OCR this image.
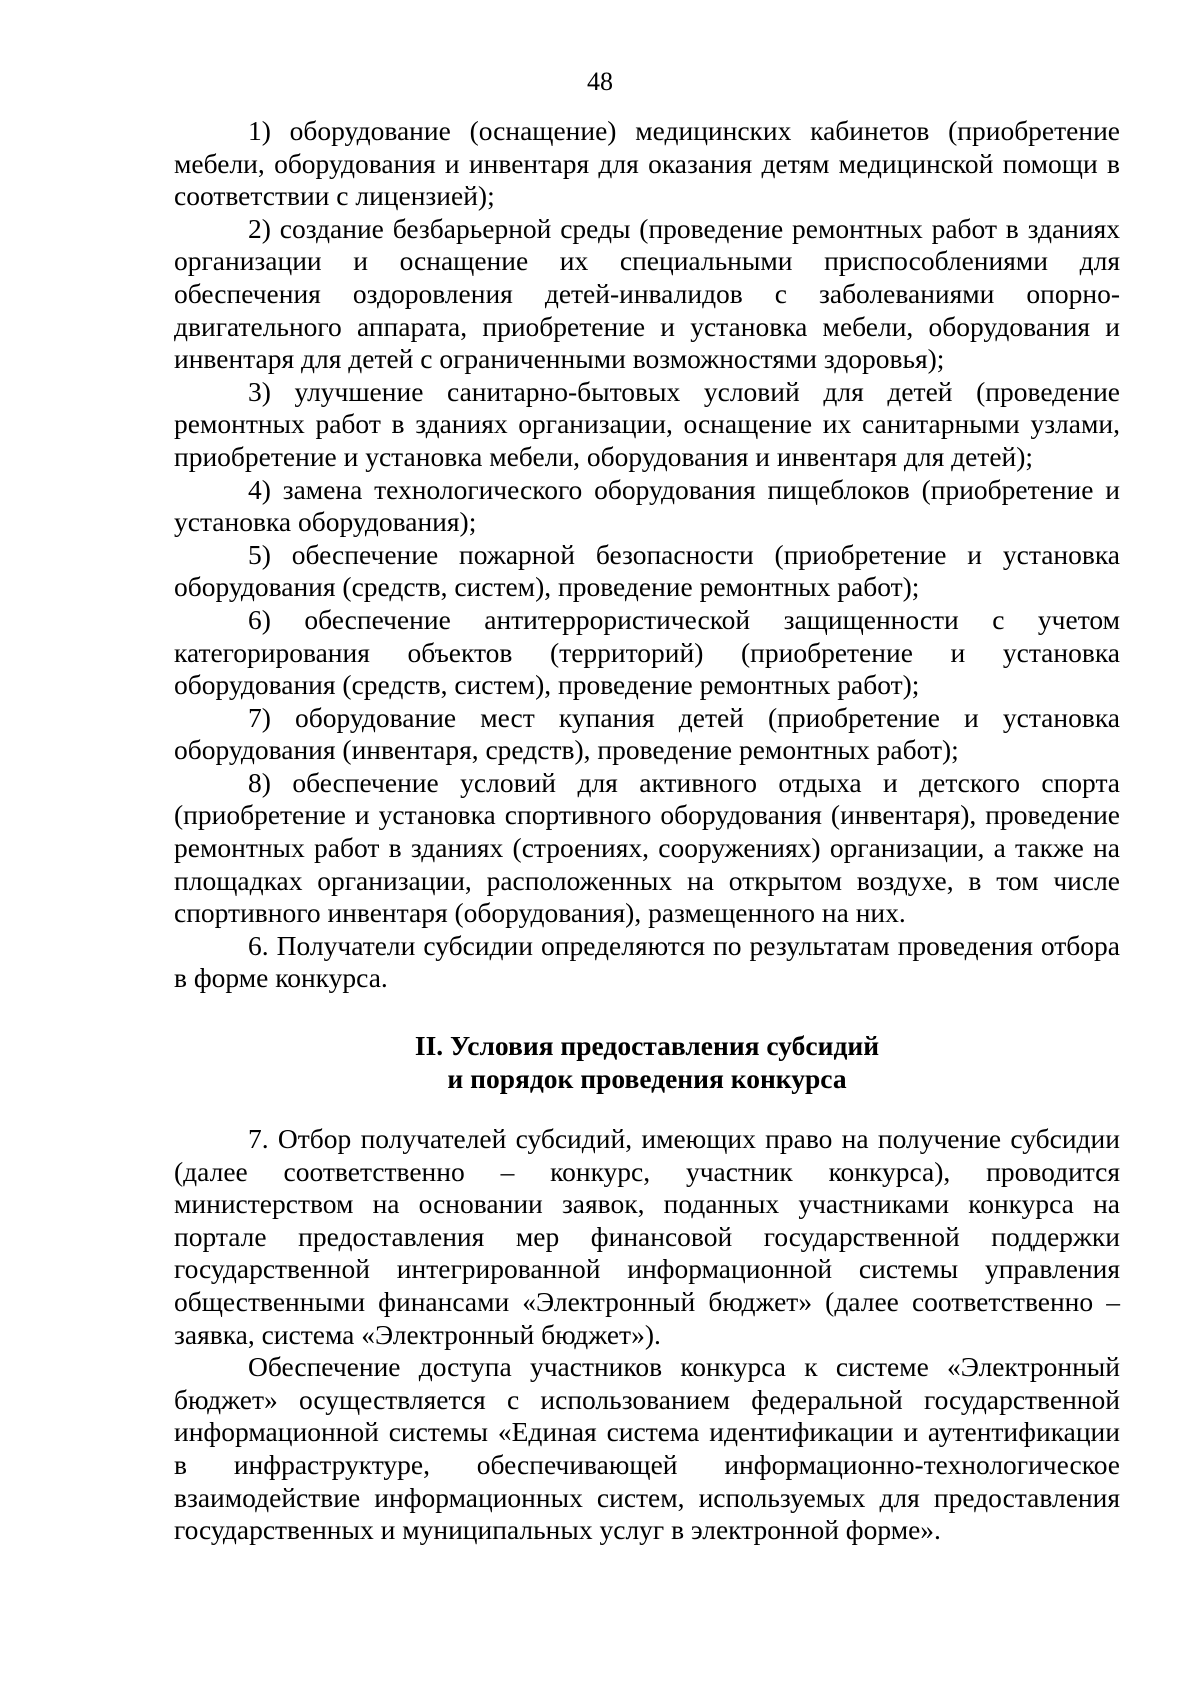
48

1) оборудование (оснащение) медицинских кабинетов (приобретение мебели, оборудования и инвентаря для оказания детям медицинской помощи в соответствии с лицензией);

2) создание безбарьерной среды (проведение ремонтных работ в зданиях организации и оснащение их специальными приспособлениями для обеспечения оздоровления детей-инвалидов с заболеваниями опорно-двигательного аппарата, приобретение и установка мебели, оборудования и инвентаря для детей с ограниченными возможностями здоровья);

3) улучшение санитарно-бытовых условий для детей (проведение ремонтных работ в зданиях организации, оснащение их санитарными узлами, приобретение и установка мебели, оборудования и инвентаря для детей);

4) замена технологического оборудования пищеблоков (приобретение и установка оборудования);

5) обеспечение пожарной безопасности (приобретение и установка оборудования (средств, систем), проведение ремонтных работ);

6) обеспечение антитеррористической защищенности с учетом категорирования объектов (территорий) (приобретение и установка оборудования (средств, систем), проведение ремонтных работ);

7) оборудование мест купания детей (приобретение и установка оборудования (инвентаря, средств), проведение ремонтных работ);

8) обеспечение условий для активного отдыха и детского спорта (приобретение и установка спортивного оборудования (инвентаря), проведение ремонтных работ в зданиях (строениях, сооружениях) организации, а также на площадках организации, расположенных на открытом воздухе, в том числе спортивного инвентаря (оборудования), размещенного на них.

6. Получатели субсидии определяются по результатам проведения отбора в форме конкурса.

II. Условия предоставления субсидий
и порядок проведения конкурса

7. Отбор получателей субсидий, имеющих право на получение субсидии (далее соответственно – конкурс, участник конкурса), проводится министерством на основании заявок, поданных участниками конкурса на портале предоставления мер финансовой государственной поддержки государственной интегрированной информационной системы управления общественными финансами «Электронный бюджет» (далее соответственно – заявка, система «Электронный бюджет»).

Обеспечение доступа участников конкурса к системе «Электронный бюджет» осуществляется с использованием федеральной государственной информационной системы «Единая система идентификации и аутентификации в инфраструктуре, обеспечивающей информационно-технологическое взаимодействие информационных систем, используемых для предоставления государственных и муниципальных услуг в электронной форме».
